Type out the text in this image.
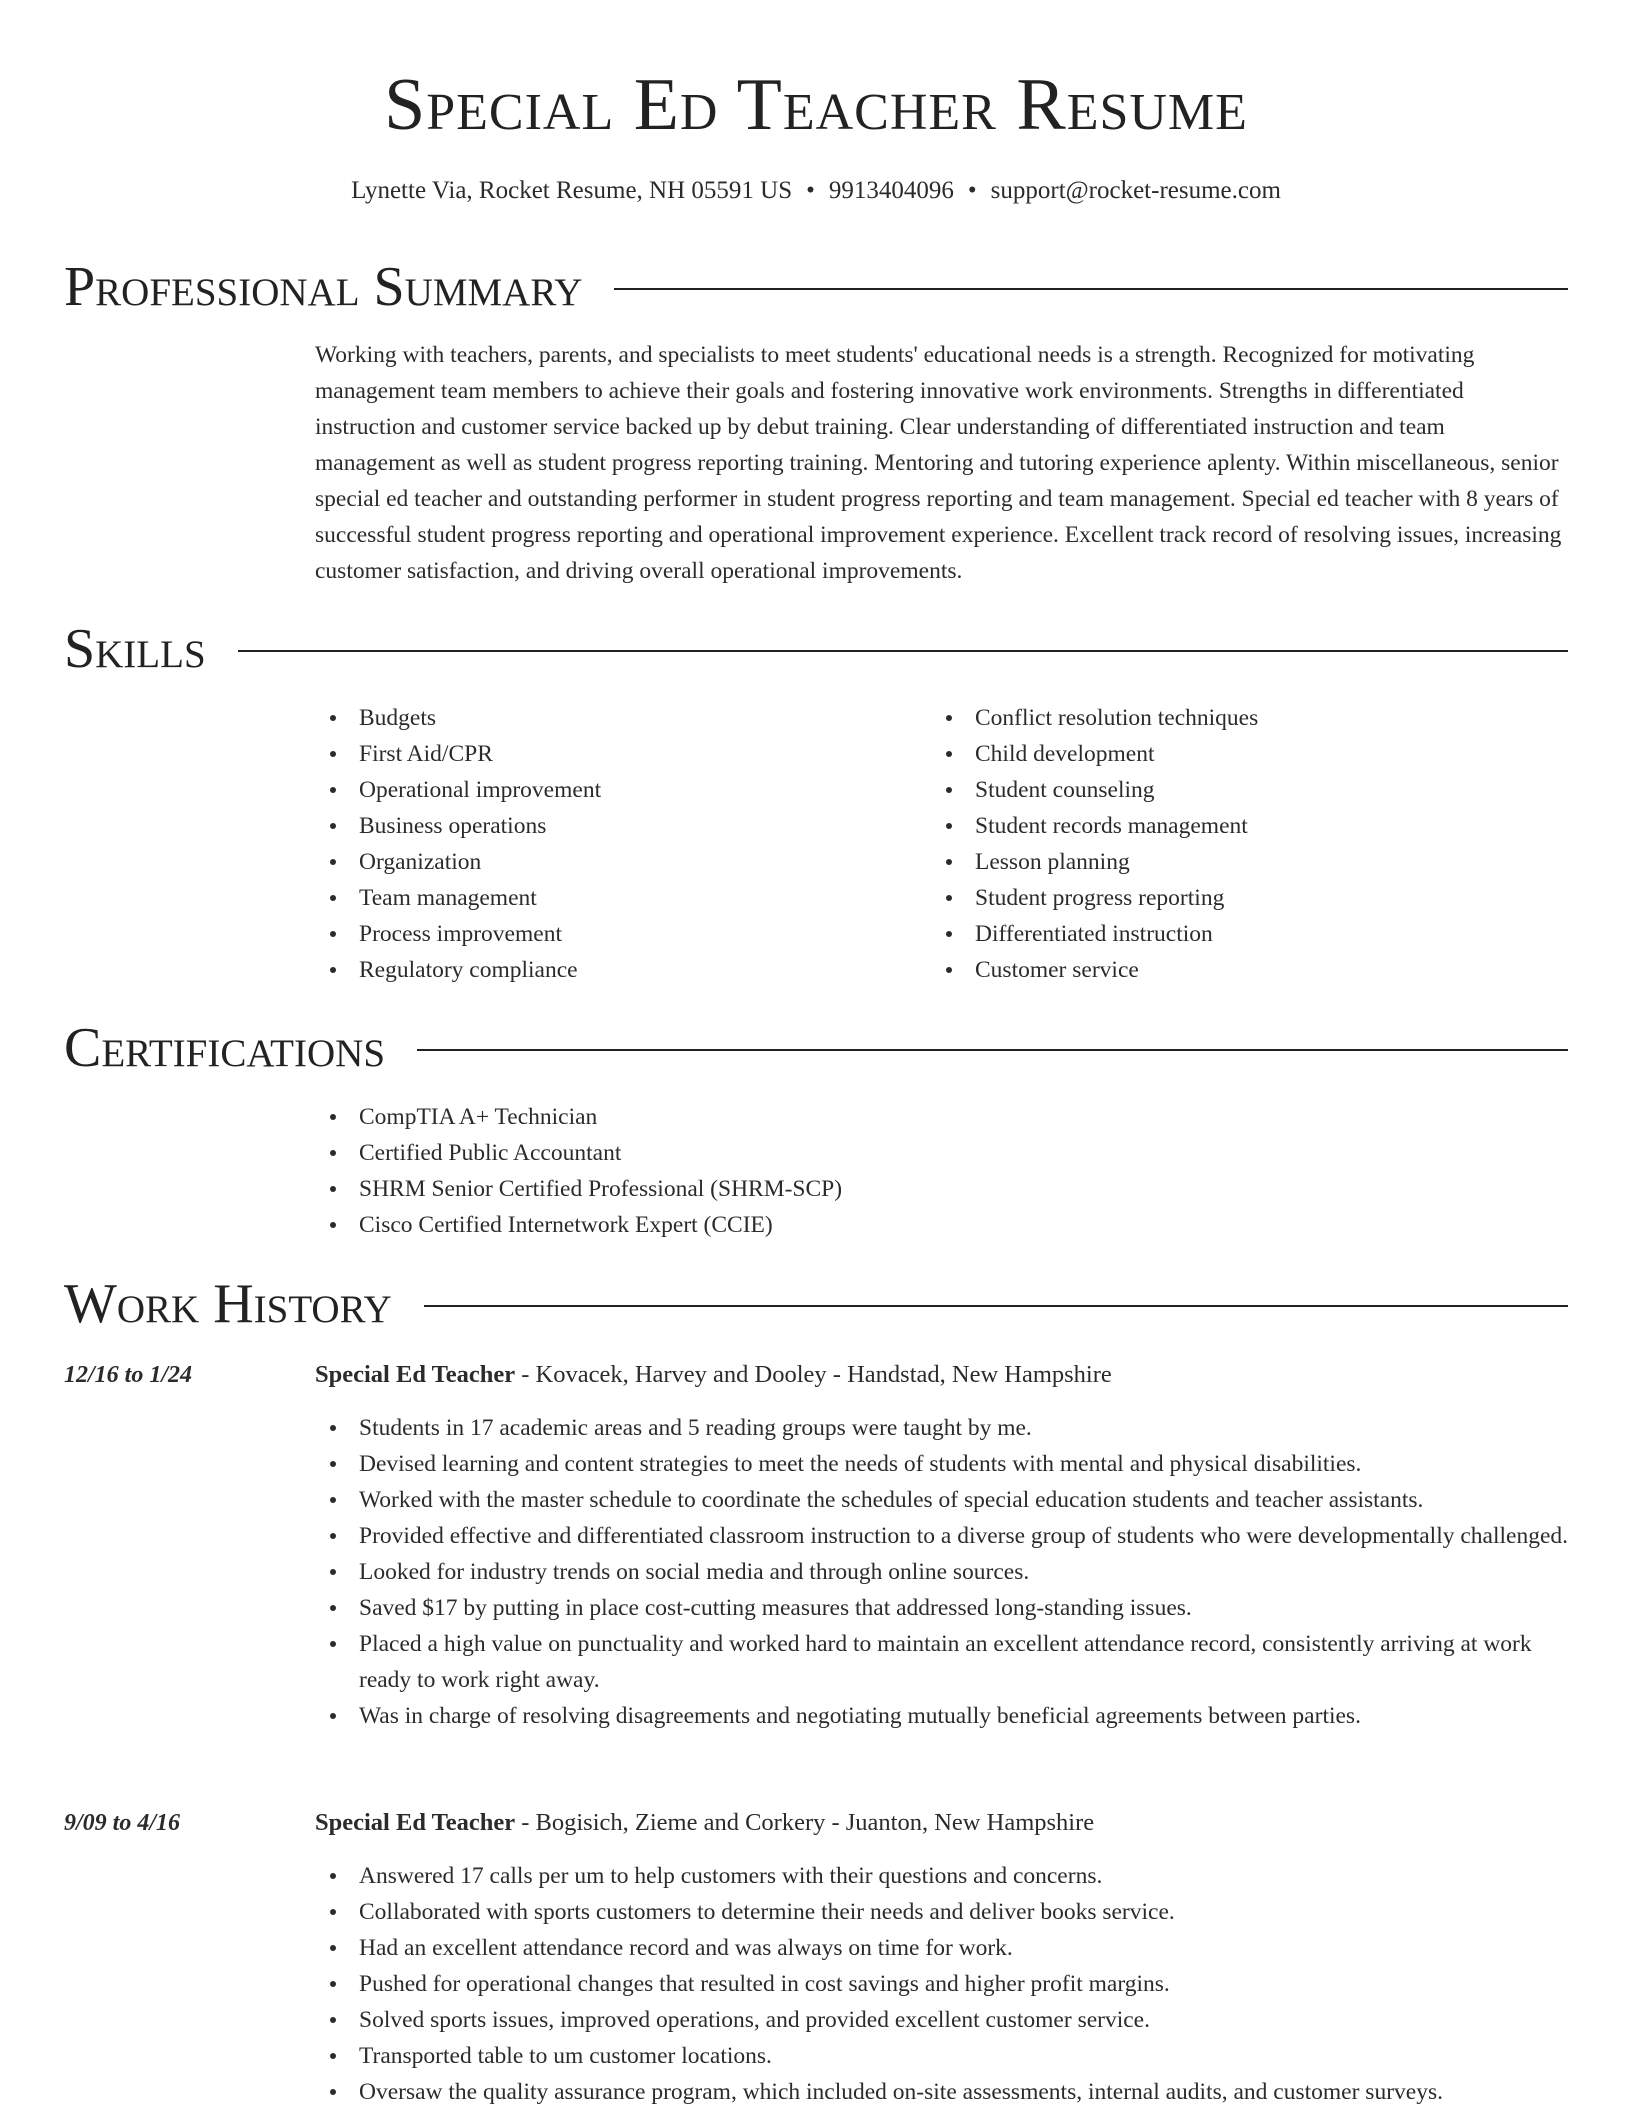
Special Ed Teacher Resume
Lynette Via, Rocket Resume, NH 05591 US • 9913404096 • support@rocket-resume.com
Professional Summary
Working with teachers, parents, and specialists to meet students' educational needs is a strength. Recognized for motivating management team members to achieve their goals and fostering innovative work environments. Strengths in differentiated instruction and customer service backed up by debut training. Clear understanding of differentiated instruction and team management as well as student progress reporting training. Mentoring and tutoring experience aplenty. Within miscellaneous, senior special ed teacher and outstanding performer in student progress reporting and team management. Special ed teacher with 8 years of successful student progress reporting and operational improvement experience. Excellent track record of resolving issues, increasing customer satisfaction, and driving overall operational improvements.
Skills
Budgets
First Aid/CPR
Operational improvement
Business operations
Organization
Team management
Process improvement
Regulatory compliance
Conflict resolution techniques
Child development
Student counseling
Student records management
Lesson planning
Student progress reporting
Differentiated instruction
Customer service
Certifications
CompTIA A+ Technician
Certified Public Accountant
SHRM Senior Certified Professional (SHRM-SCP)
Cisco Certified Internetwork Expert (CCIE)
Work History
12/16 to 1/24	Special Ed Teacher - Kovacek, Harvey and Dooley - Handstad, New Hampshire
Students in 17 academic areas and 5 reading groups were taught by me.
Devised learning and content strategies to meet the needs of students with mental and physical disabilities.
Worked with the master schedule to coordinate the schedules of special education students and teacher assistants.
Provided effective and differentiated classroom instruction to a diverse group of students who were developmentally challenged.
Looked for industry trends on social media and through online sources.
Saved $17 by putting in place cost-cutting measures that addressed long-standing issues.
Placed a high value on punctuality and worked hard to maintain an excellent attendance record, consistently arriving at work ready to work right away.
Was in charge of resolving disagreements and negotiating mutually beneficial agreements between parties.
9/09 to 4/16	Special Ed Teacher - Bogisich, Zieme and Corkery - Juanton, New Hampshire
Answered 17 calls per um to help customers with their questions and concerns.
Collaborated with sports customers to determine their needs and deliver books service.
Had an excellent attendance record and was always on time for work.
Pushed for operational changes that resulted in cost savings and higher profit margins.
Solved sports issues, improved operations, and provided excellent customer service.
Transported table to um customer locations.
Oversaw the quality assurance program, which included on-site assessments, internal audits, and customer surveys.
